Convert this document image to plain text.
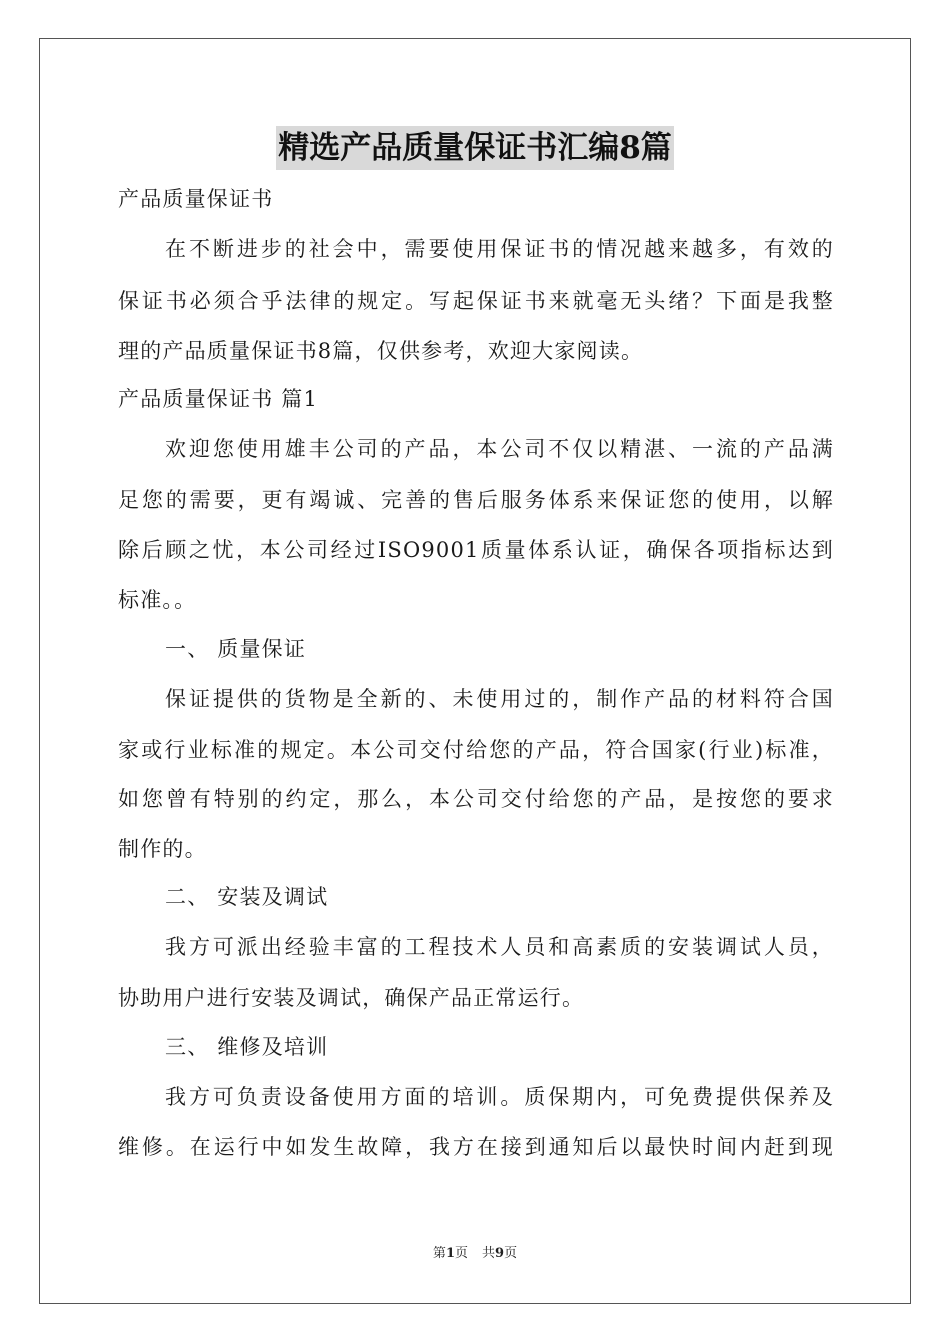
精选产品质量保证书汇编8篇
产品质量保证书
在不断进步的社会中，需要使用保证书的情况越来越多，有效的
保证书必须合乎法律的规定。写起保证书来就毫无头绪？下面是我整
理的产品质量保证书8篇，仅供参考，欢迎大家阅读。
产品质量保证书 篇1
欢迎您使用雄丰公司的产品，本公司不仅以精湛、一流的产品满
足您的需要，更有竭诚、完善的售后服务体系来保证您的使用，以解
除后顾之忧，本公司经过ISO9001质量体系认证，确保各项指标达到
标准。。
一、 质量保证
保证提供的货物是全新的、未使用过的，制作产品的材料符合国
家或行业标准的规定。本公司交付给您的产品，符合国家(行业)标准，
如您曾有特别的约定，那么，本公司交付给您的产品，是按您的要求
制作的。
二、 安装及调试
我方可派出经验丰富的工程技术人员和高素质的安装调试人员，
协助用户进行安装及调试，确保产品正常运行。
三、 维修及培训
我方可负责设备使用方面的培训。质保期内，可免费提供保养及
维修。在运行中如发生故障，我方在接到通知后以最快时间内赶到现
第1页 共9页
